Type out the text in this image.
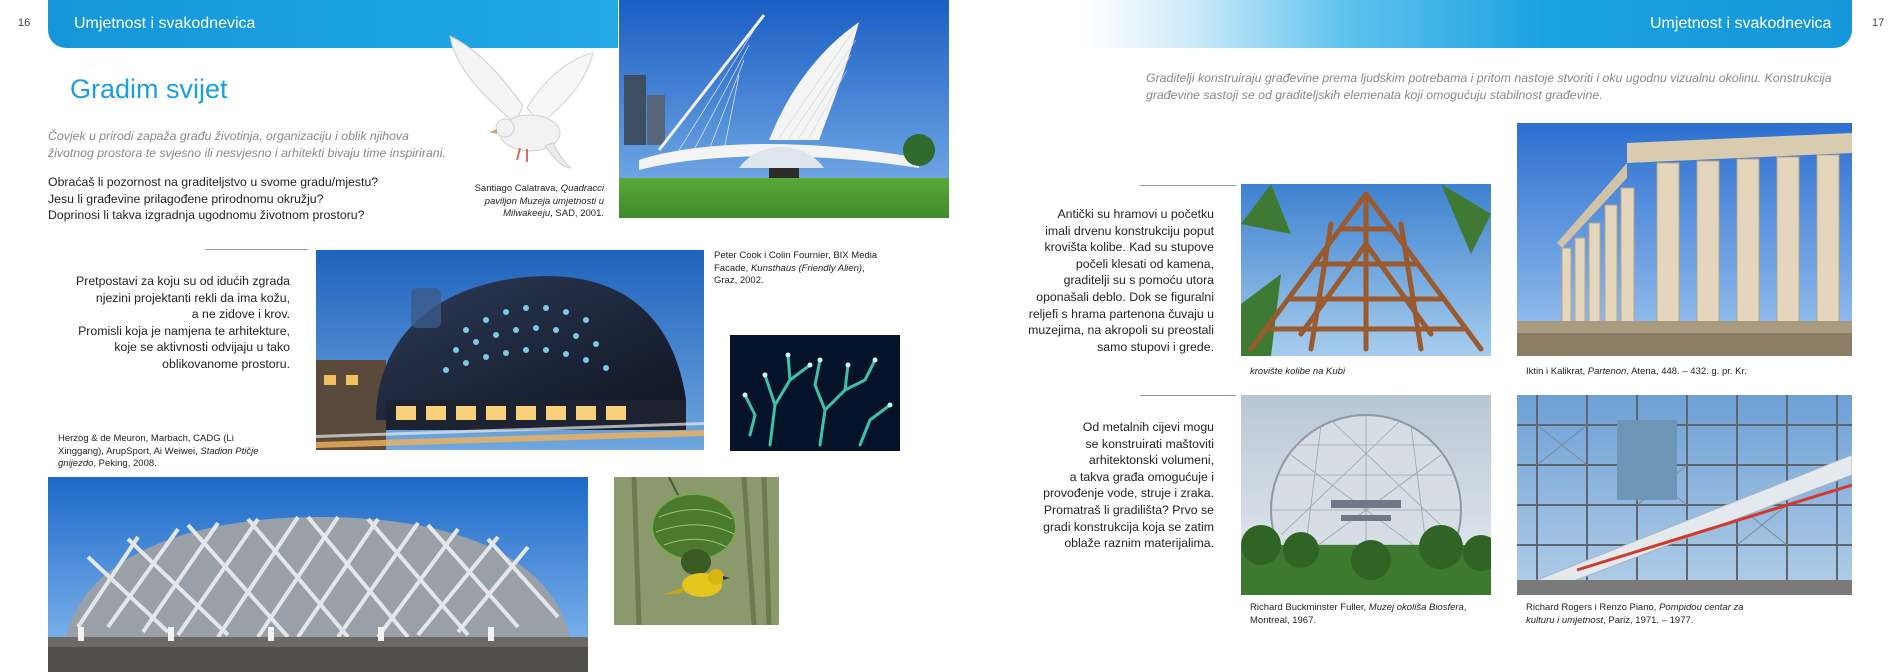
16	Umjetnost i svakodnevica
Gradim svijet
Čovjek u prirodi zapaža građu životinja, organizaciju i oblik njihova životnog prostora te svjesno ili nesvjesno i arhitekti bivaju time inspirirani.
Obraćaš li pozornost na graditeljstvo u svome gradu/mjestu?
Jesu li građevine prilagođene prirodnomu okružju?
Doprinosi li takva izgradnja ugodnomu životnom prostoru?
Santiago Calatrava, Quadracci paviljon Muzeja umjetnosti u Milwakeeju, SAD, 2001.
Pretpostavi za koju su od idućih zgrada
njezini projektanti rekli da ima kožu,
a ne zidove i krov.
Promisli koja je namjena te arhitekture,
koje se aktivnosti odvijaju u tako
oblikovanome prostoru.
Peter Cook i Colin Fournier, BIX Media Facade, Kunsthaus (Friendly Alien), Graz, 2002.
Herzog & de Meuron, Marbach, CADG (Li Xinggang), ArupSport, Ai Weiwei, Stadion Ptičje gnijezdo, Peking, 2008.
Umjetnost i svakodnevica	17
Graditelji konstruiraju građevine prema ljudskim potrebama i pritom nastoje stvoriti i oku ugodnu vizualnu okolinu. Konstrukcija građevine sastoji se od graditeljskih elemenata koji omogućuju stabilnost građevine.
Antički su hramovi u početku
imali drvenu konstrukciju poput
krovišta kolibe. Kad su stupove
počeli klesati od kamena,
graditelji su s pomoću utora
oponašali deblo. Dok se figuralni
reljefi s hrama partenona čuvaju u
muzejima, na akropoli su preostali
samo stupovi i grede.
krovište kolibe na Kubi	Iktin i Kalikrat, Partenon, Atena, 448. – 432. g. pr. Kr.
Od metalnih cijevi mogu
se konstruirati maštoviti
arhitektonski volumeni,
a takva građa omogućuje i
provođenje vode, struje i zraka.
Promatraš li gradilišta? Prvo se
gradi konstrukcija koja se zatim
oblaže raznim materijalima.
Richard Buckminster Fuller, Muzej okoliša Biosfera, Montreal, 1967.
Richard Rogers i Renzo Piano, Pompidou centar za kulturu i umjetnost, Pariz, 1971. – 1977.
